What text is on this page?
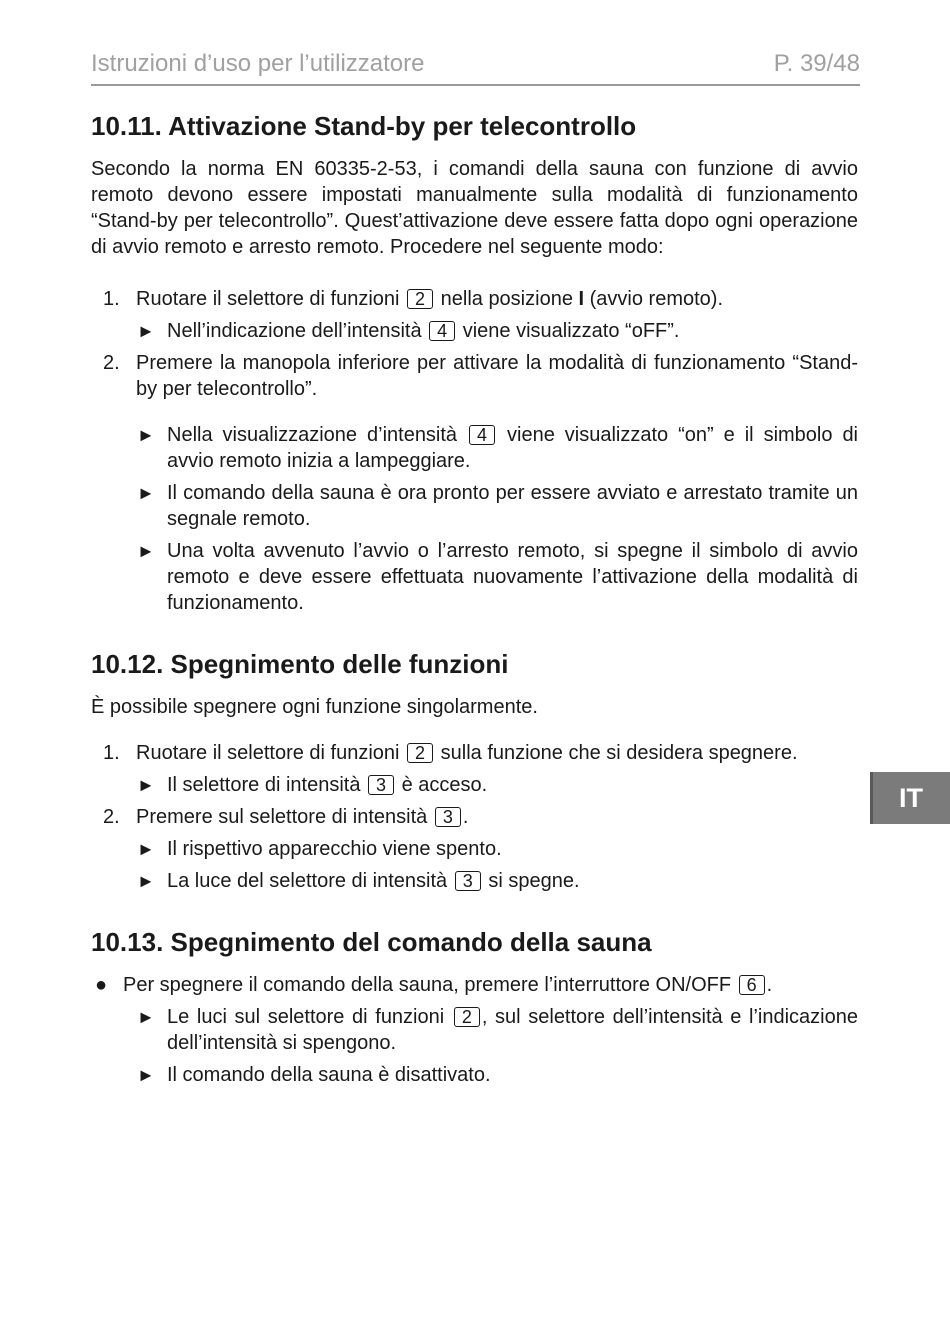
Istruzioni d’uso per l’utilizzatore	P. 39/48
10.11. Attivazione Stand-by per telecontrollo

Secondo la norma EN 60335-2-53, i comandi della sauna con funzione di avvio remoto devono essere impostati manualmente sulla modalità di funzionamento “Stand-by per telecontrollo”. Quest’attivazione deve essere fatta dopo ogni operazione di avvio remoto e arresto remoto. Procedere nel seguente modo:

1. Ruotare il selettore di funzioni 2 nella posizione I (avvio remoto).
► Nell’indicazione dell’intensità 4 viene visualizzato “oFF”.
2. Premere la manopola inferiore per attivare la modalità di funzionamento “Stand-by per telecontrollo”.
► Nella visualizzazione d’intensità 4 viene visualizzato “on” e il simbolo di avvio remoto inizia a lampeggiare.
► Il comando della sauna è ora pronto per essere avviato e arrestato tramite un segnale remoto.
► Una volta avvenuto l’avvio o l’arresto remoto, si spegne il simbolo di avvio remoto e deve essere effettuata nuovamente l’attivazione della modalità di funzionamento.
10.12. Spegnimento delle funzioni

È possibile spegnere ogni funzione singolarmente.

1. Ruotare il selettore di funzioni 2 sulla funzione che si desidera spegnere.
► Il selettore di intensità 3 è acceso.
2. Premere sul selettore di intensità 3 .
► Il rispettivo apparecchio viene spento.
► La luce del selettore di intensità 3 si spegne.
10.13. Spegnimento del comando della sauna
● Per spegnere il comando della sauna, premere l’interruttore ON/OFF 6 .
► Le luci sul selettore di funzioni 2 , sul selettore dell’intensità e l’indicazione dell’intensità si spengono.
► Il comando della sauna è disattivato.
IT
